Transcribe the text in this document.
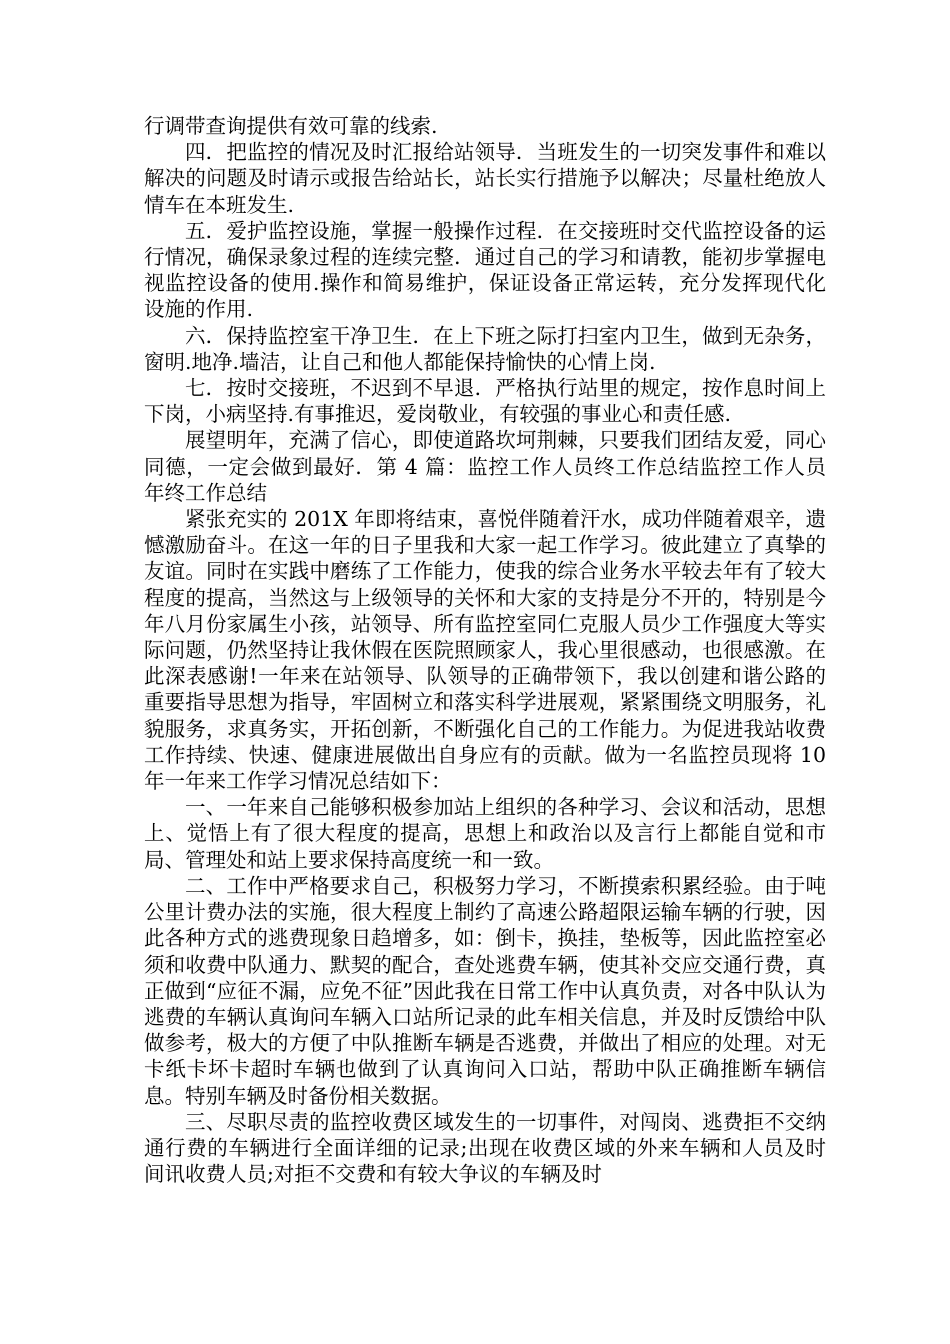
行调带查询提供有效可靠的线索.

四．把监控的情况及时汇报给站领导．当班发生的一切突发事件和难以解决的问题及时请示或报告给站长，站长实行措施予以解决；尽量杜绝放人情车在本班发生.

五．爱护监控设施，掌握一般操作过程．在交接班时交代监控设备的运行情况，确保录象过程的连续完整．通过自己的学习和请教，能初步掌握电视监控设备的使用.操作和简易维护，保证设备正常运转，充分发挥现代化设施的作用.

六．保持监控室干净卫生．在上下班之际打扫室内卫生，做到无杂务，窗明.地净.墙洁，让自己和他人都能保持愉快的心情上岗.

七．按时交接班，不迟到不早退．严格执行站里的规定，按作息时间上下岗，小病坚持.有事推迟，爱岗敬业，有较强的事业心和责任感.

展望明年，充满了信心，即使道路坎坷荆棘，只要我们团结友爱，同心同德，一定会做到最好．第 4 篇：监控工作人员终工作总结监控工作人员年终工作总结

紧张充实的 201X 年即将结束，喜悦伴随着汗水，成功伴随着艰辛，遗憾激励奋斗。在这一年的日子里我和大家一起工作学习。彼此建立了真挚的友谊。同时在实践中磨练了工作能力，使我的综合业务水平较去年有了较大程度的提高，当然这与上级领导的关怀和大家的支持是分不开的，特别是今年八月份家属生小孩，站领导、所有监控室同仁克服人员少工作强度大等实际问题，仍然坚持让我休假在医院照顾家人，我心里很感动，也很感激。在此深表感谢!一年来在站领导、队领导的正确带领下，我以创建和谐公路的重要指导思想为指导，牢固树立和落实科学进展观，紧紧围绕文明服务，礼貌服务，求真务实，开拓创新，不断强化自己的工作能力。为促进我站收费工作持续、快速、健康进展做出自身应有的贡献。做为一名监控员现将 10 年一年来工作学习情况总结如下：

一、一年来自己能够积极参加站上组织的各种学习、会议和活动，思想上、觉悟上有了很大程度的提高，思想上和政治以及言行上都能自觉和市局、管理处和站上要求保持高度统一和一致。

二、工作中严格要求自己，积极努力学习，不断摸索积累经验。由于吨公里计费办法的实施，很大程度上制约了高速公路超限运输车辆的行驶，因此各种方式的逃费现象日趋增多，如：倒卡，换挂，垫板等，因此监控室必须和收费中队通力、默契的配合，查处逃费车辆，使其补交应交通行费，真正做到“应征不漏，应免不征”因此我在日常工作中认真负责，对各中队认为逃费的车辆认真询问车辆入口站所记录的此车相关信息，并及时反馈给中队做参考，极大的方便了中队推断车辆是否逃费，并做出了相应的处理。对无卡纸卡坏卡超时车辆也做到了认真询问入口站，帮助中队正确推断车辆信息。特别车辆及时备份相关数据。

三、尽职尽责的监控收费区域发生的一切事件，对闯岗、逃费拒不交纳通行费的车辆进行全面详细的记录;出现在收费区域的外来车辆和人员及时间讯收费人员;对拒不交费和有较大争议的车辆及时
